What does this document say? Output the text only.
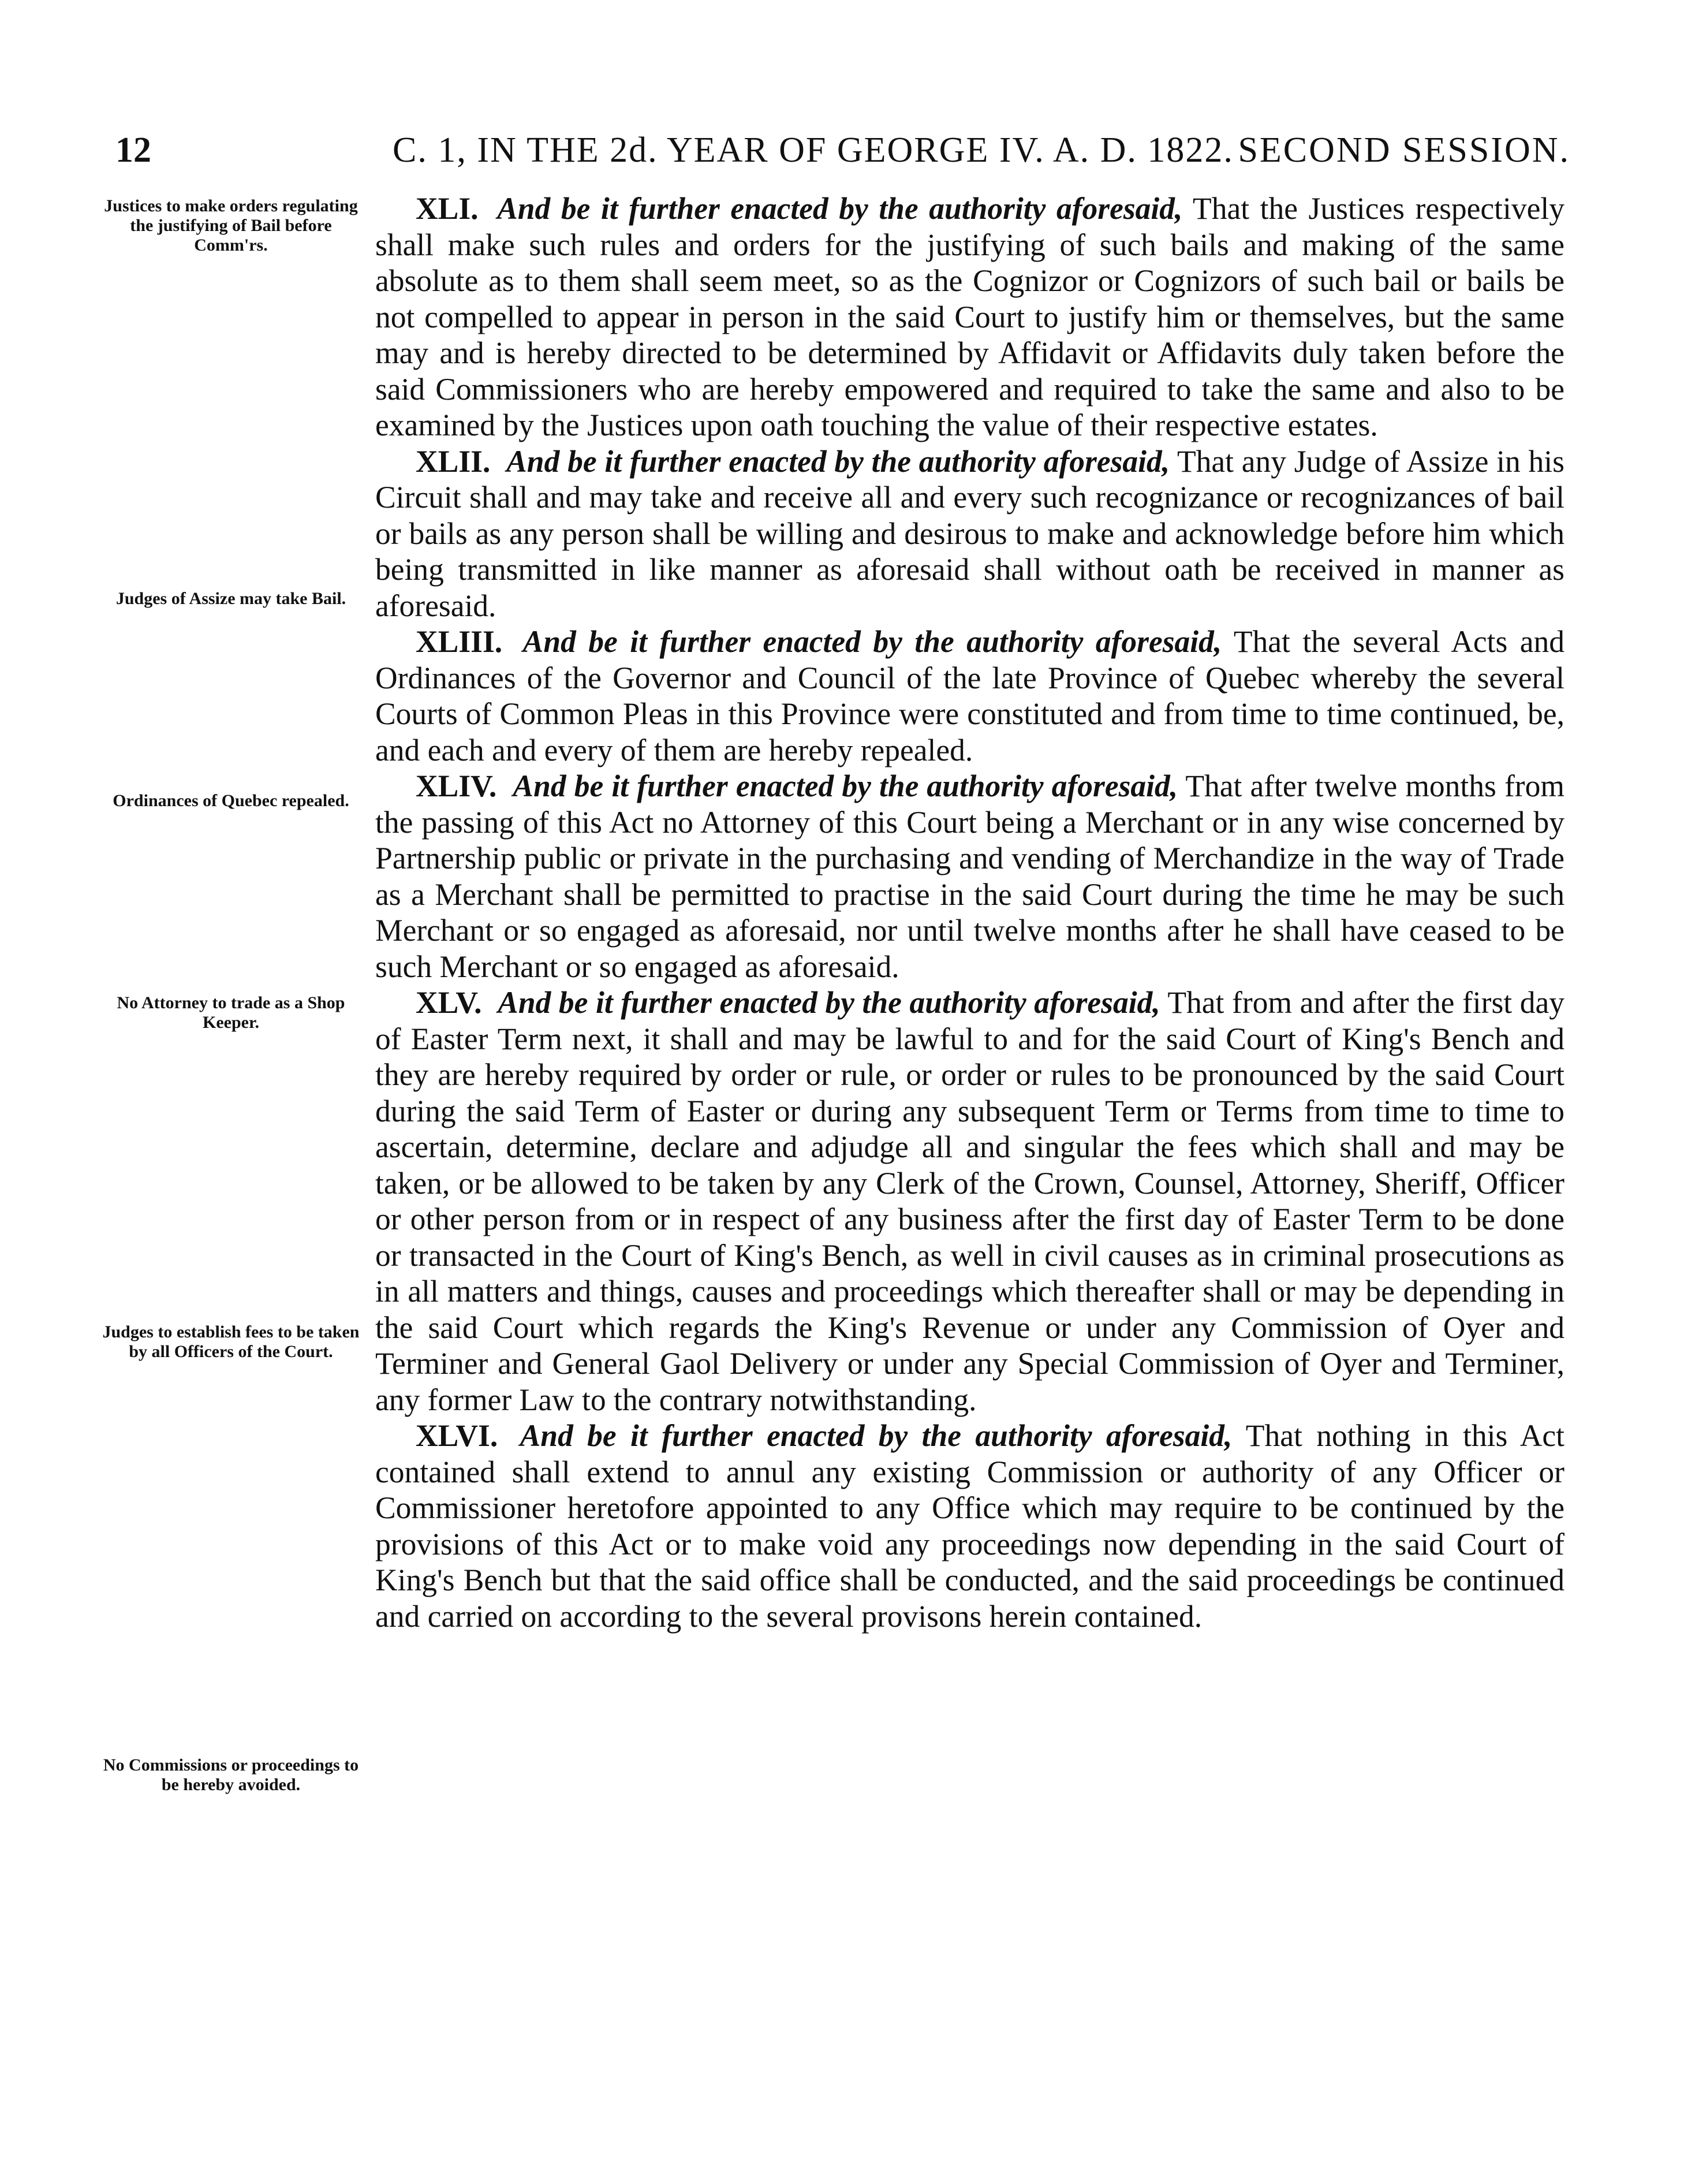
12	C. 1, IN THE 2d. YEAR OF GEORGE IV. A. D. 1822. SECOND SESSION.
Justices to make orders regulating the justifying of Bail before Comm'rs.
Judges of Assize may take Bail.
Ordinances of Quebec repealed.
No Attorney to trade as a Shop Keeper.
Judges to establish fees to be taken by all Officers of the Court.
No Commissions or proceedings to be hereby avoided.

XLI. And be it further enacted by the authority aforesaid, That the Justices respectively shall make such rules and orders for the justifying of such bails and making of the same absolute as to them shall seem meet, so as the Cognizor or Cognizors of such bail or bails be not compelled to appear in person in the said Court to justify him or themselves, but the same may and is hereby directed to be determined by Affidavit or Affidavits duly taken before the said Commissioners who are hereby empowered and required to take the same and also to be examined by the Justices upon oath touching the value of their respective estates.

XLII. And be it further enacted by the authority aforesaid, That any Judge of Assize in his Circuit shall and may take and receive all and every such recognizance or recognizances of bail or bails as any person shall be willing and desirous to make and acknowledge before him which being transmitted in like manner as aforesaid shall without oath be received in manner as aforesaid.

XLIII. And be it further enacted by the authority aforesaid, That the several Acts and Ordinances of the Governor and Council of the late Province of Quebec whereby the several Courts of Common Pleas in this Province were constituted and from time to time continued, be, and each and every of them are hereby repealed.

XLIV. And be it further enacted by the authority aforesaid, That after twelve months from the passing of this Act no Attorney of this Court being a Merchant or in any wise concerned by Partnership public or private in the purchasing and vending of Merchandize in the way of Trade as a Merchant shall be permitted to practise in the said Court during the time he may be such Merchant or so engaged as aforesaid, nor until twelve months after he shall have ceased to be such Merchant or so engaged as aforesaid.

XLV. And be it further enacted by the authority aforesaid, That from and after the first day of Easter Term next, it shall and may be lawful to and for the said Court of King's Bench and they are hereby required by order or rule, or order or rules to be pronounced by the said Court during the said Term of Easter or during any subsequent Term or Terms from time to time to ascertain, determine, declare and adjudge all and singular the fees which shall and may be taken, or be allowed to be taken by any Clerk of the Crown, Counsel, Attorney, Sheriff, Officer or other person from or in respect of any business after the first day of Easter Term to be done or transacted in the Court of King's Bench, as well in civil causes as in criminal prosecutions as in all matters and things, causes and proceedings which thereafter shall or may be depending in the said Court which regards the King's Revenue or under any Commission of Oyer and Terminer and General Gaol Delivery or under any Special Commission of Oyer and Terminer, any former Law to the contrary notwithstanding.

XLVI. And be it further enacted by the authority aforesaid, That nothing in this Act contained shall extend to annul any existing Commission or authority of any Officer or Commissioner heretofore appointed to any Office which may require to be continued by the provisions of this Act or to make void any proceedings now depending in the said Court of King's Bench but that the said office shall be conducted, and the said proceedings be continued and carried on according to the several provisons herein contained.
